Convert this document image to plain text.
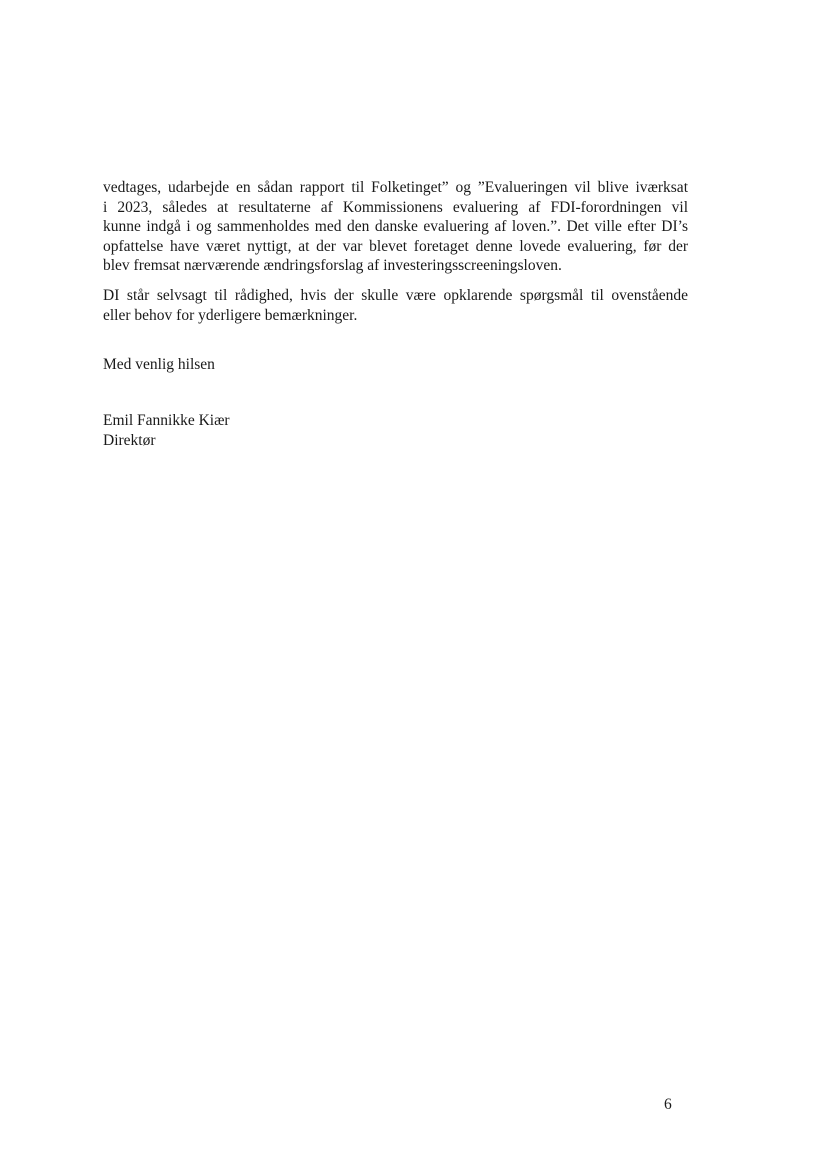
vedtages, udarbejde en sådan rapport til Folketinget” og ”Evalueringen vil blive iværksat
i 2023, således at resultaterne af Kommissionens evaluering af FDI-forordningen vil
kunne indgå i og sammenholdes med den danske evaluering af loven.”. Det ville efter DI’s
opfattelse have været nyttigt, at der var blevet foretaget denne lovede evaluering, før der
blev fremsat nærværende ændringsforslag af investeringsscreeningsloven.
DI står selvsagt til rådighed, hvis der skulle være opklarende spørgsmål til ovenstående
eller behov for yderligere bemærkninger.
Med venlig hilsen
Emil Fannikke Kiær
Direktør
6
